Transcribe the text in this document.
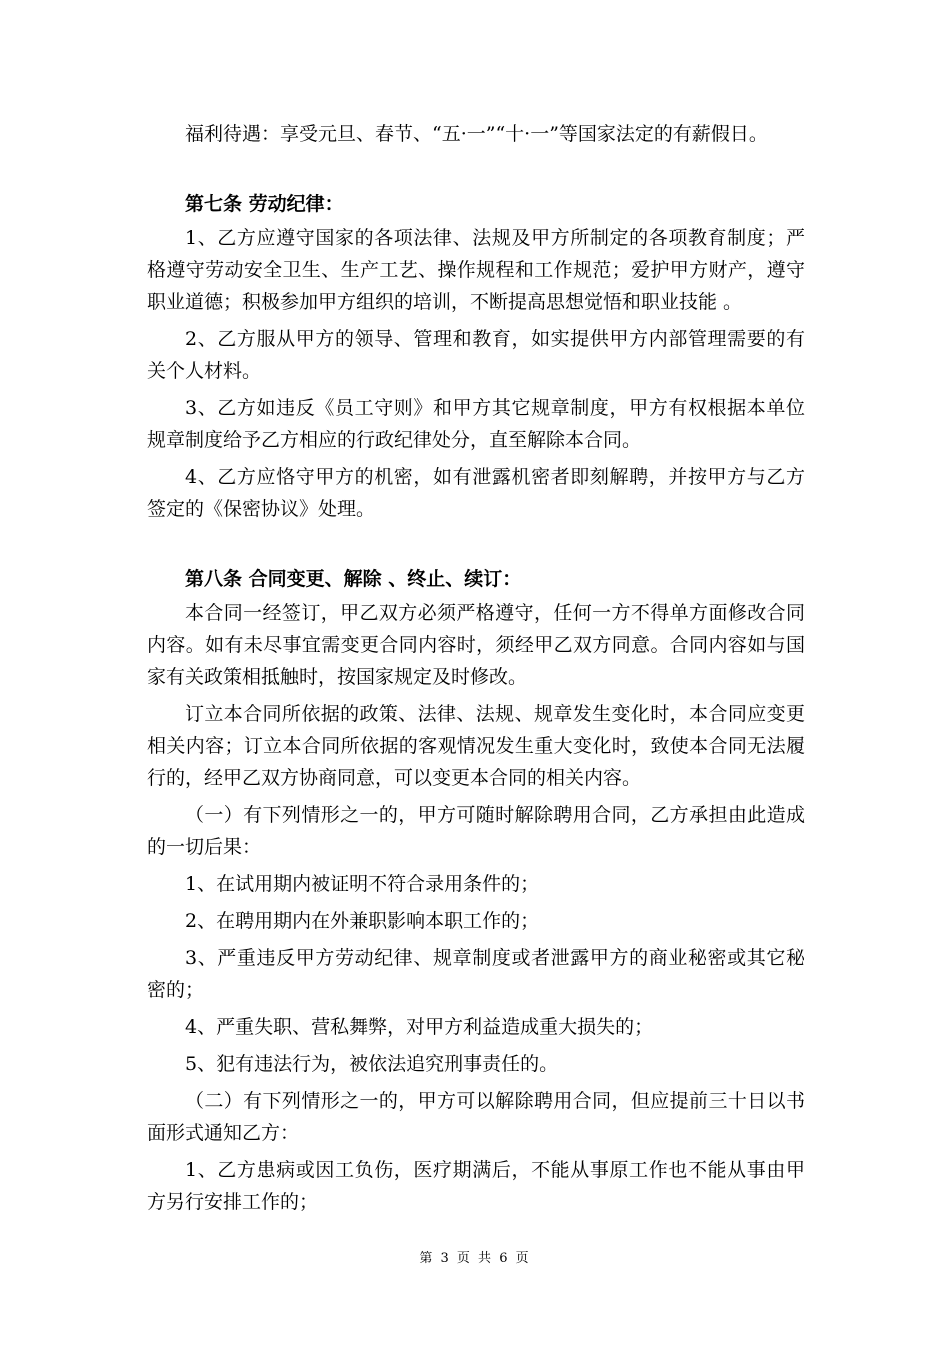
福利待遇：享受元旦、春节、“五·一”“十·一”等国家法定的有薪假日。

第七条 劳动纪律：

1、乙方应遵守国家的各项法律、法规及甲方所制定的各项教育制度；严格遵守劳动安全卫生、生产工艺、操作规程和工作规范；爱护甲方财产，遵守职业道德；积极参加甲方组织的培训，不断提高思想觉悟和职业技能 。

2、乙方服从甲方的领导、管理和教育，如实提供甲方内部管理需要的有关个人材料。

3、乙方如违反《员工守则》和甲方其它规章制度，甲方有权根据本单位规章制度给予乙方相应的行政纪律处分，直至解除本合同。

4、乙方应恪守甲方的机密，如有泄露机密者即刻解聘，并按甲方与乙方签定的《保密协议》处理。

第八条 合同变更、解除 、终止、续订：

本合同一经签订，甲乙双方必须严格遵守，任何一方不得单方面修改合同内容。如有未尽事宜需变更合同内容时，须经甲乙双方同意。合同内容如与国家有关政策相抵触时，按国家规定及时修改。

订立本合同所依据的政策、法律、法规、规章发生变化时，本合同应变更相关内容；订立本合同所依据的客观情况发生重大变化时，致使本合同无法履行的，经甲乙双方协商同意，可以变更本合同的相关内容。

（一）有下列情形之一的，甲方可随时解除聘用合同，乙方承担由此造成的一切后果：

1、在试用期内被证明不符合录用条件的；

2、在聘用期内在外兼职影响本职工作的；

3、严重违反甲方劳动纪律、规章制度或者泄露甲方的商业秘密或其它秘密的；

4、严重失职、营私舞弊，对甲方利益造成重大损失的；

5、犯有违法行为，被依法追究刑事责任的。

（二）有下列情形之一的，甲方可以解除聘用合同，但应提前三十日以书面形式通知乙方：

1、乙方患病或因工负伤，医疗期满后，不能从事原工作也不能从事由甲方另行安排工作的；

第 3 页 共 6 页
